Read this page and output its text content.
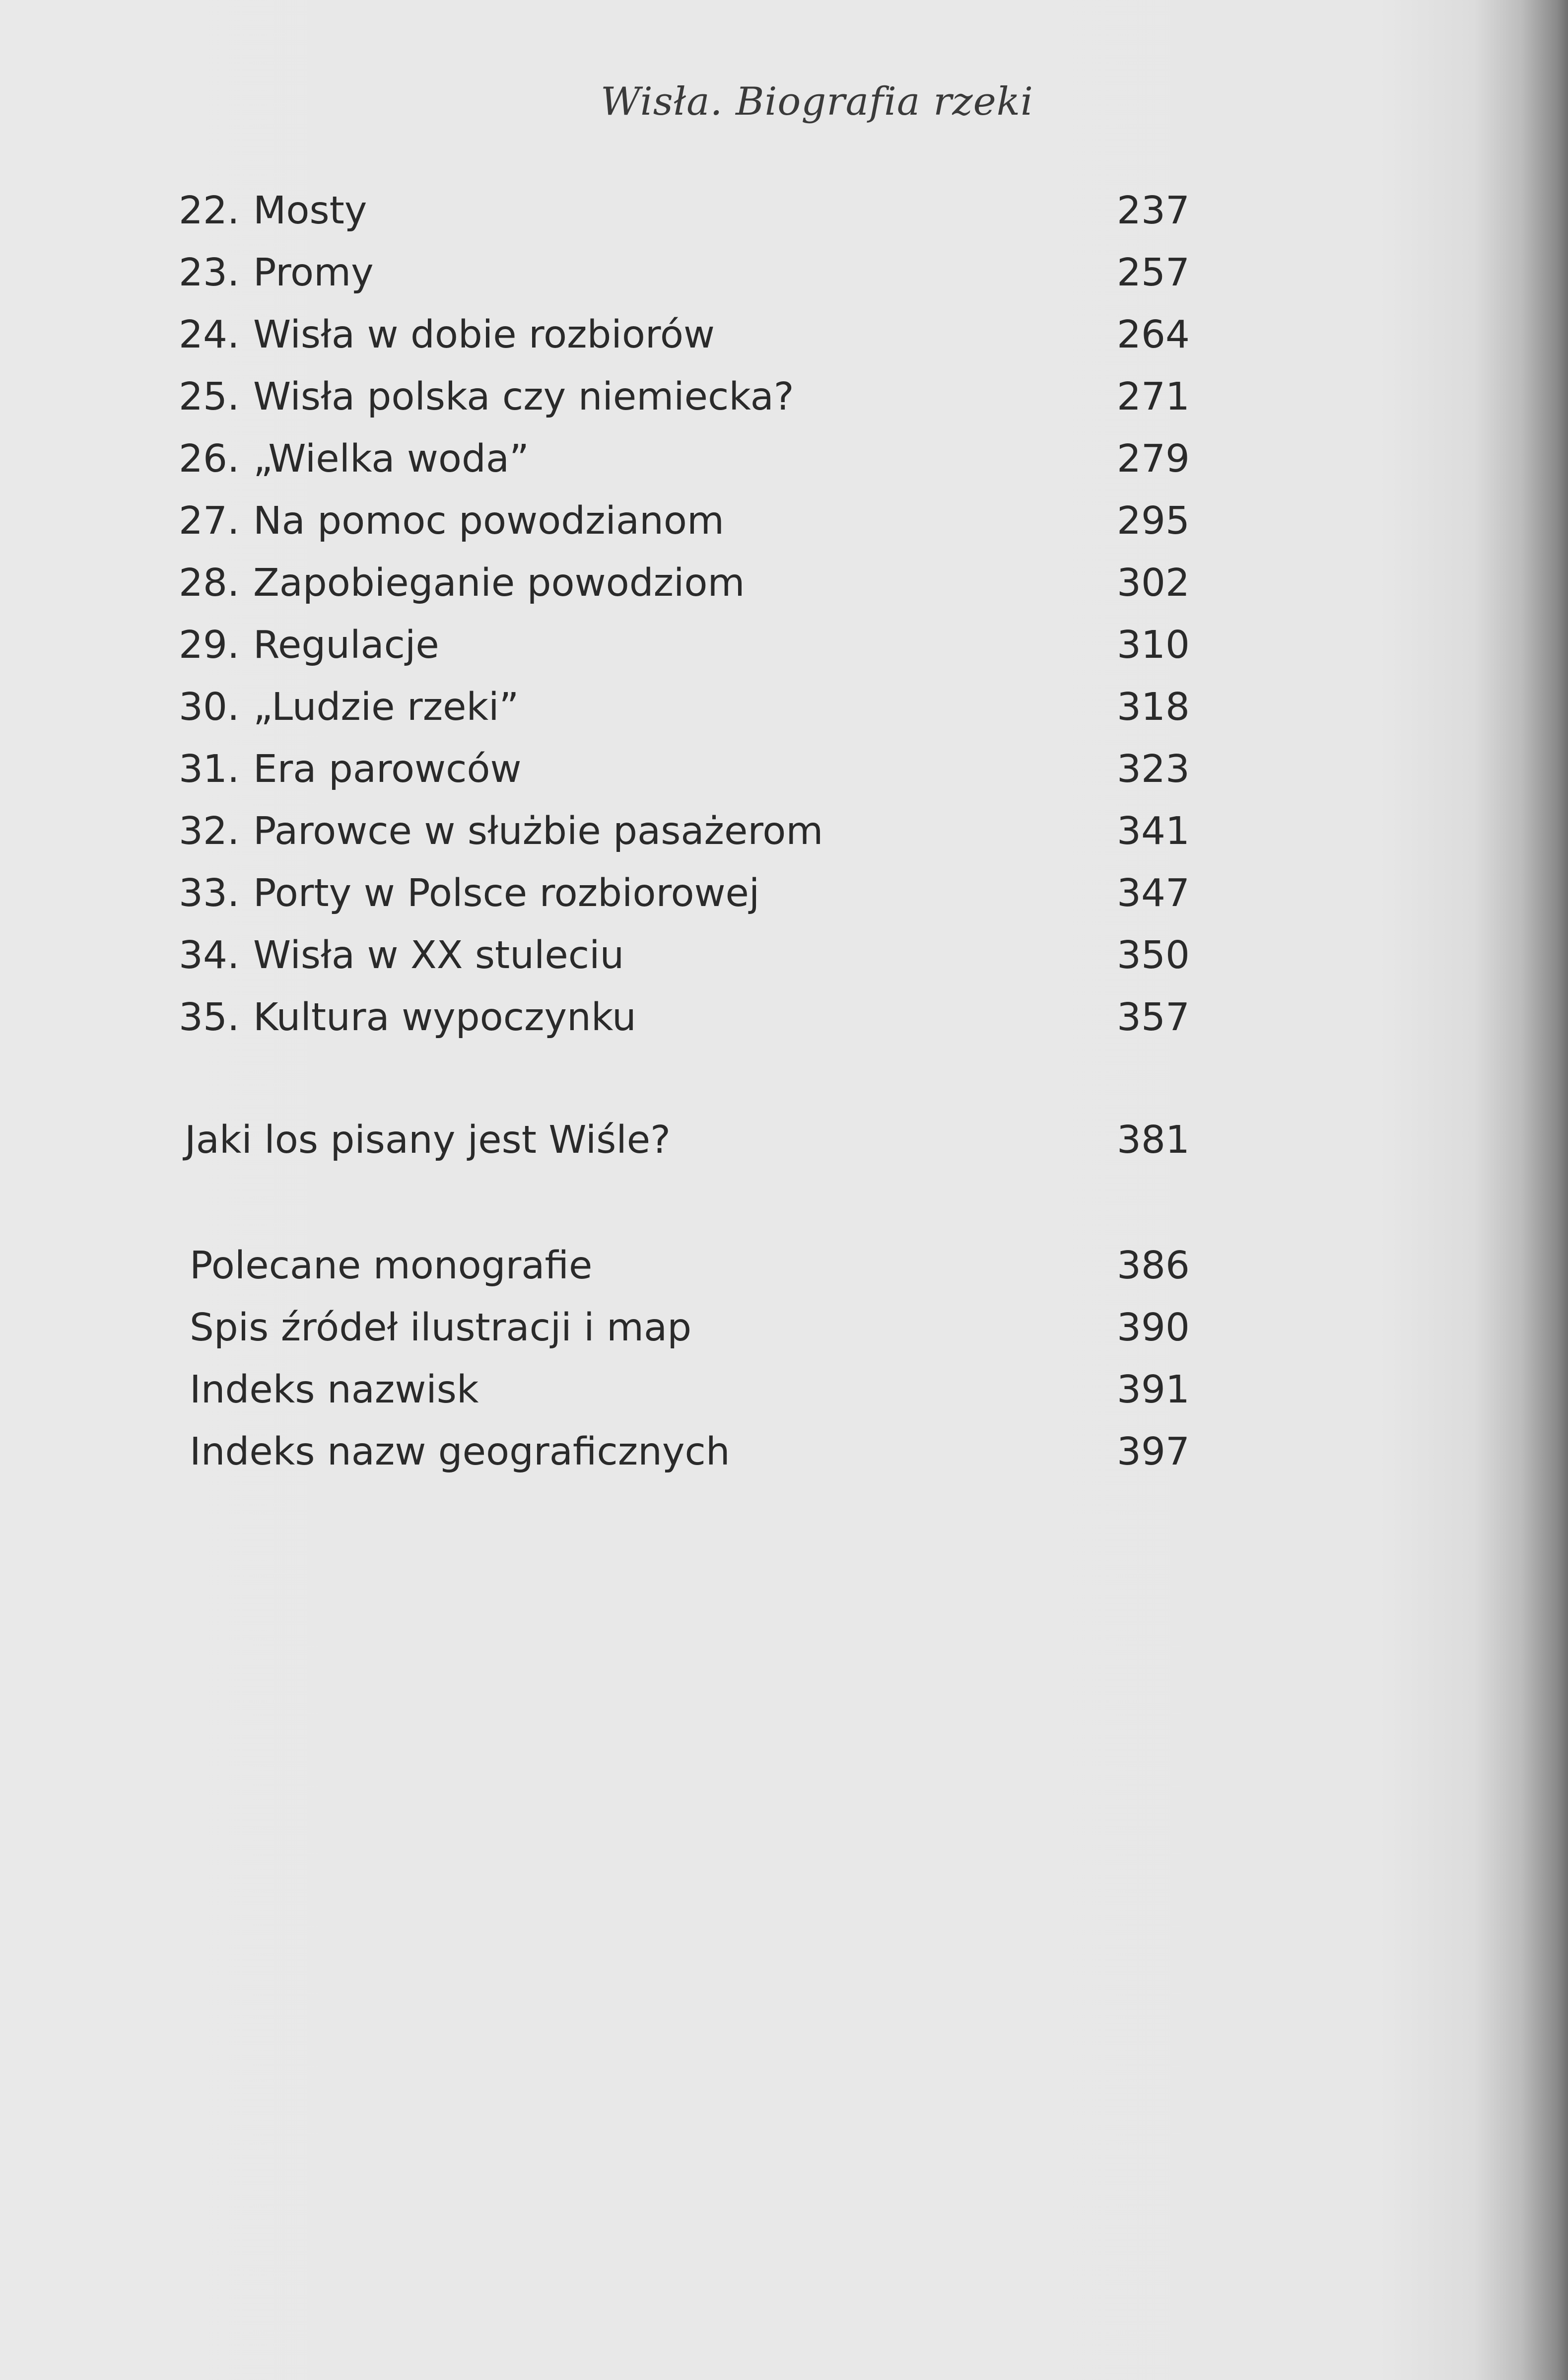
Wisła. Biografia rzeki
22. Mosty	237
23. Promy	257
24. Wisła w dobie rozbiorów	264
25. Wisła polska czy niemiecka?	271
26. „Wielka woda”	279
27. Na pomoc powodzianom	295
28. Zapobieganie powodziom	302
29. Regulacje	310
30. „Ludzie rzeki”	318
31. Era parowców	323
32. Parowce w służbie pasażerom	341
33. Porty w Polsce rozbiorowej	347
34. Wisła w XX stuleciu	350
35. Kultura wypoczynku	357
Jaki los pisany jest Wiśle?	381
Polecane monografie	386
Spis źródeł ilustracji i map	390
Indeks nazwisk	391
Indeks nazw geograficznych	397
